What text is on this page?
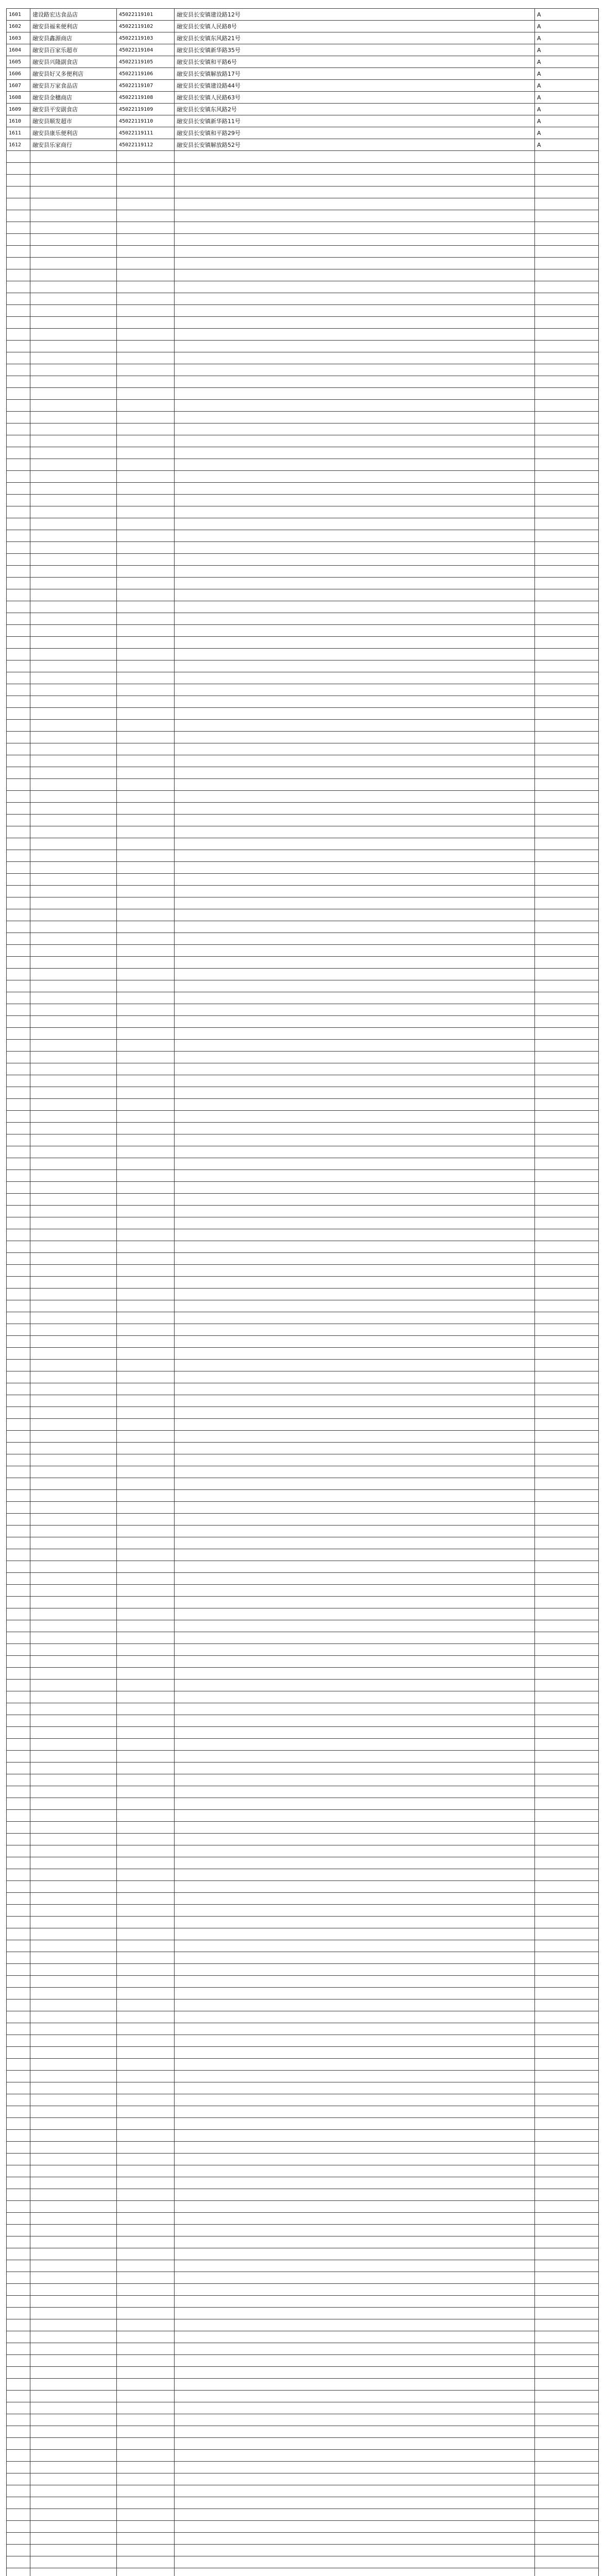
1601	建设路宏达食品店	45022119101	融安县长安镇建设路12号	A
1602	融安县福来便利店	45022119102	融安县长安镇人民路8号	A
1603	融安县鑫源商店	45022119103	融安县长安镇东风路21号	A
1604	融安县百家乐超市	45022119104	融安县长安镇新华路35号	A
1605	融安县兴隆副食店	45022119105	融安县长安镇和平路6号	A
1606	融安县好又多便利店	45022119106	融安县长安镇解放路17号	A
1607	融安县万家食品店	45022119107	融安县长安镇建设路44号	A
1608	融安县金穗商店	45022119108	融安县长安镇人民路63号	A
1609	融安县平安副食店	45022119109	融安县长安镇东风路2号	A
1610	融安县顺发超市	45022119110	融安县长安镇新华路11号	A
1611	融安县康乐便利店	45022119111	融安县长安镇和平路29号	A
1612	融安县乐家商行	45022119112	融安县长安镇解放路52号	A
